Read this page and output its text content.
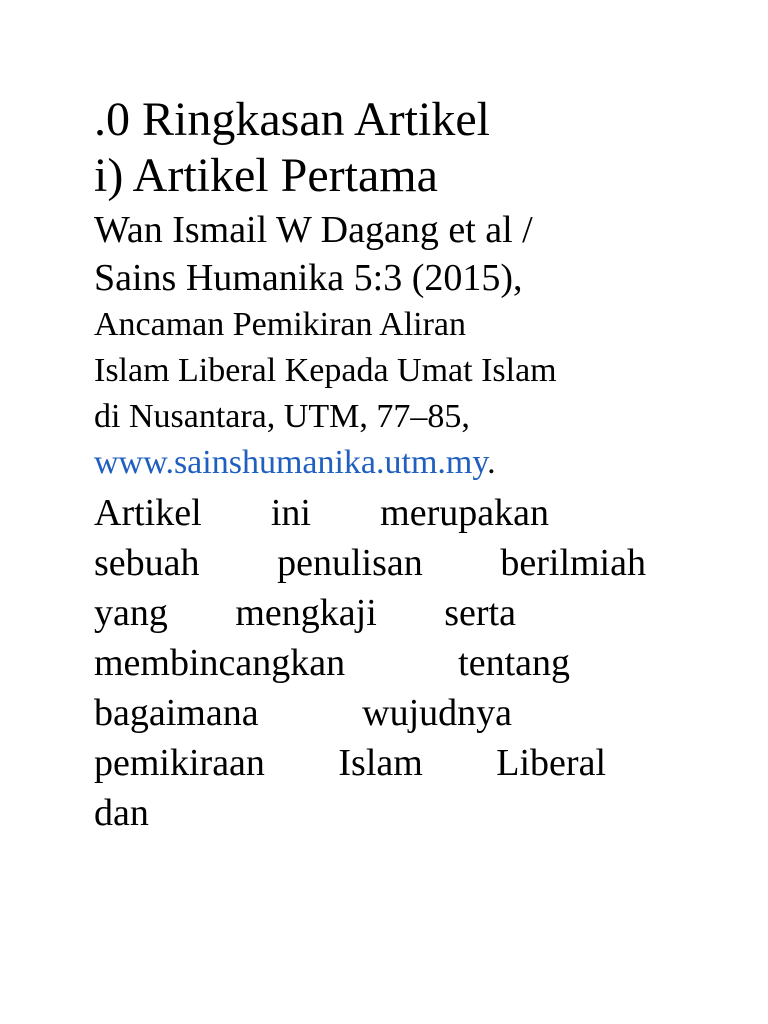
.0 Ringkasan Artikel
i) Artikel Pertama
Wan Ismail W Dagang et al /
Sains Humanika 5:3 (2015),
Ancaman Pemikiran Aliran
Islam Liberal Kepada Umat Islam
di Nusantara, UTM, 77–85,
www.sainshumanika.utm.my.
Artikel ini merupakan
sebuah penulisan berilmiah
yang mengkaji serta
membincangkan	tentang
bagaimana	wujudnya
pemikiraan Islam Liberal
dan
